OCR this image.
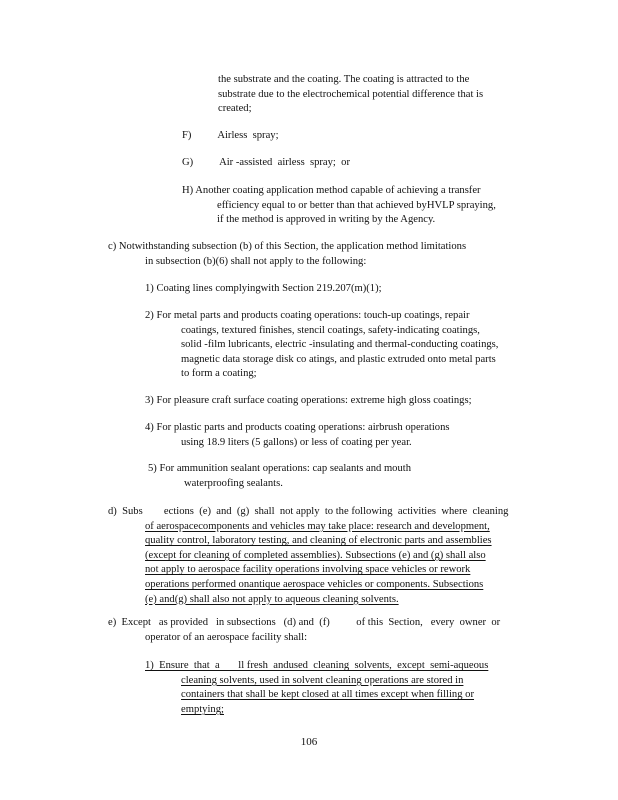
the substrate and the coating. The coating is attracted to the
substrate due to the electrochemical potential difference that is
created;
F)          Airless  spray;
G)          Air -assisted  airless  spray;  or
H) Another coating application method capable of achieving a transfer
efficiency equal to or better than that achieved byHVLP spraying,
if the method is approved in writing by the Agency.
c) Notwithstanding subsection (b) of this Section, the application method limitations
in subsection (b)(6) shall not apply to the following:
1) Coating lines complyingwith Section 219.207(m)(1);
2) For metal parts and products coating operations: touch-up coatings, repair
coatings, textured finishes, stencil coatings, safety-indicating coatings,
solid -film lubricants, electric -insulating and thermal-conducting coatings,
magnetic data storage disk co atings, and plastic extruded onto metal parts
to form a coating;
3) For pleasure craft surface coating operations: extreme high gloss coatings;
4) For plastic parts and products coating operations: airbrush operations
using 18.9 liters (5 gallons) or less of coating per year.
5) For ammunition sealant operations: cap sealants and mouth
waterproofing sealants.
d)  Subs        ections  (e)  and  (g)  shall  not apply  to the following  activities  where  cleaning
of aerospacecomponents and vehicles may take place: research and development,
quality control, laboratory testing, and cleaning of electronic parts and assemblies
(except for cleaning of completed assemblies). Subsections (e) and (g) shall also
not apply to aerospace facility operations involving space vehicles or rework
operations performed onantique aerospace vehicles or components. Subsections
(e) and(g) shall also not apply to aqueous cleaning solvents.
e)  Except   as provided   in subsections   (d) and  (f)          of this  Section,   every  owner  or
operator of an aerospace facility shall:
1)  Ensure  that  a       ll fresh  andused  cleaning  solvents,  except  semi-aqueous
cleaning solvents, used in solvent cleaning operations are stored in
containers that shall be kept closed at all times except when filling or
emptying;
106
